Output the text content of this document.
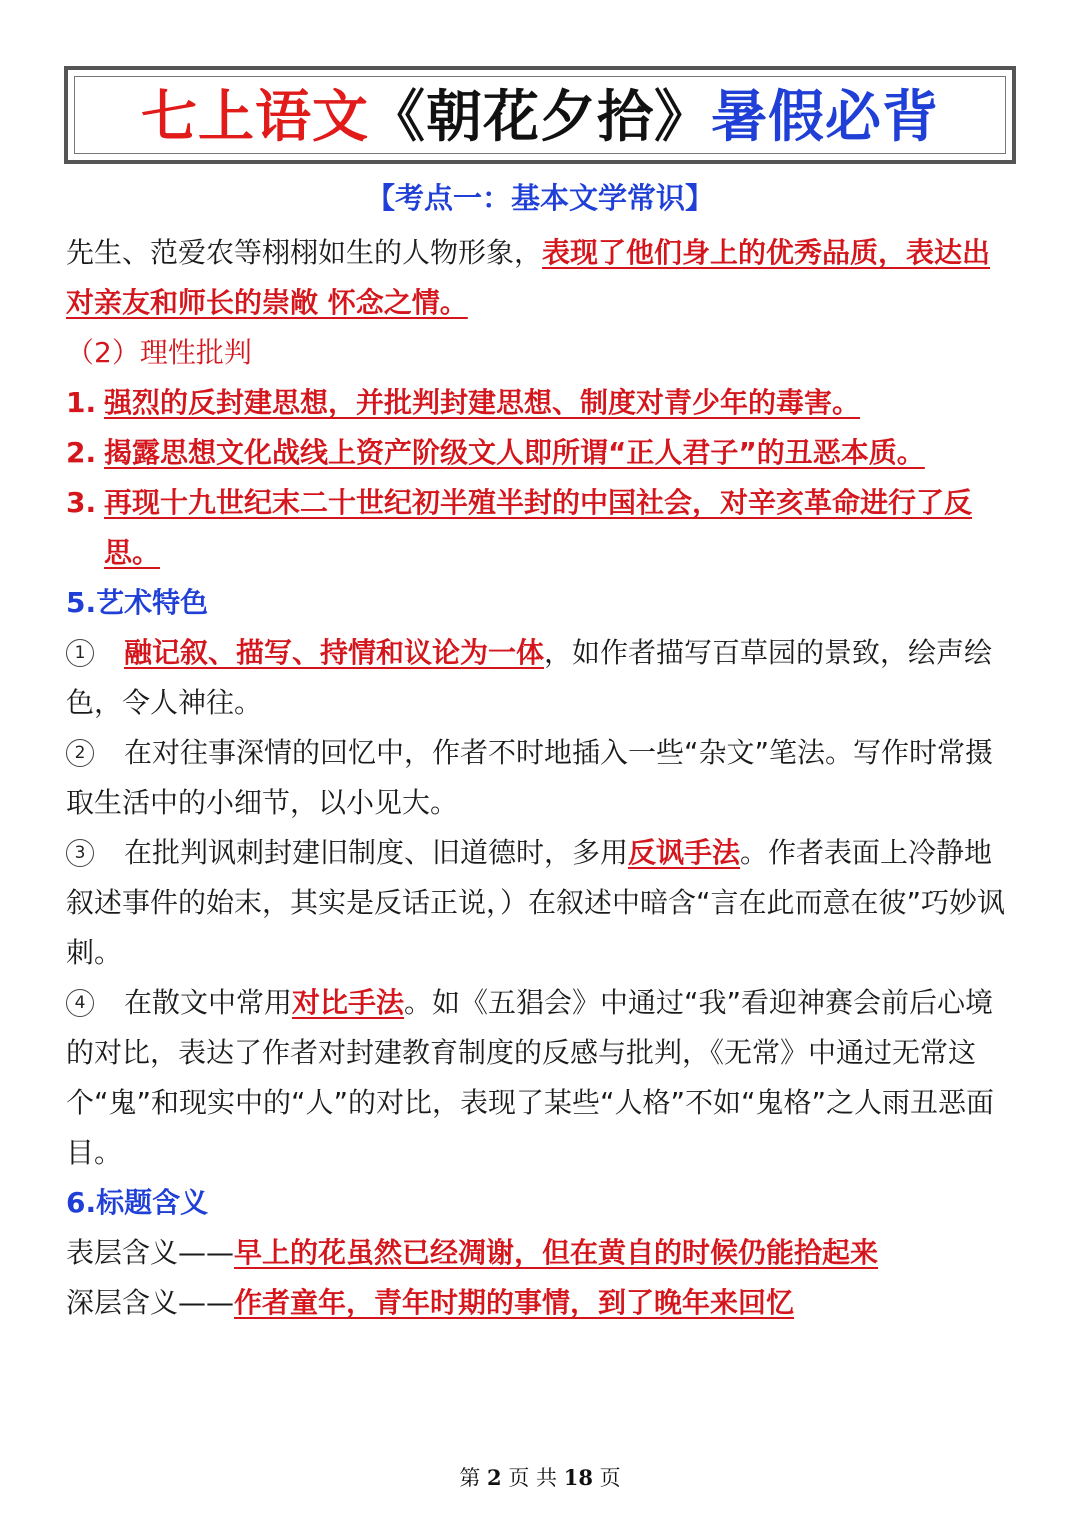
七上语文《朝花夕拾》暑假必背
【考点一：基本文学常识】

先生、范爱农等栩栩如生的人物形象，表现了他们身上的优秀品质，表达出对亲友和师长的崇敞 怀念之情。

（2）理性批判

1. 强烈的反封建思想，并批判封建思想、制度对青少年的毒害。
2. 揭露思想文化战线上资产阶级文人即所谓“正人君子”的丑恶本质。
3. 再现十九世纪末二十世纪初半殖半封的中国社会，对辛亥革命进行了反思。
5.艺术特色

1 融记叙、描写、持情和议论为一体，如作者描写百草园的景致，绘声绘色，令人神往。

2 在对往事深情的回忆中，作者不时地插入一些“杂文”笔法。写作时常摄取生活中的小细节，以小见大。

3 在批判讽刺封建旧制度、旧道德时，多用反讽手法。作者表面上冷静地叙述事件的始末，其实是反话正说，）在叙述中暗含“言在此而意在彼”巧妙讽刺。

4 在散文中常用对比手法。如《五猖会》中通过“我”看迎神赛会前后心境的对比，表达了作者对封建教育制度的反感与批判，《无常》中通过无常这个“鬼”和现实中的“人”的对比，表现了某些“人格”不如“鬼格”之人雨丑恶面目。

6.标题含义

表层含义——早上的花虽然已经凋谢，但在黄自的时候仍能拾起来

深层含义——作者童年，青年时期的事情，到了晚年来回忆

第 2 页 共 18 页
